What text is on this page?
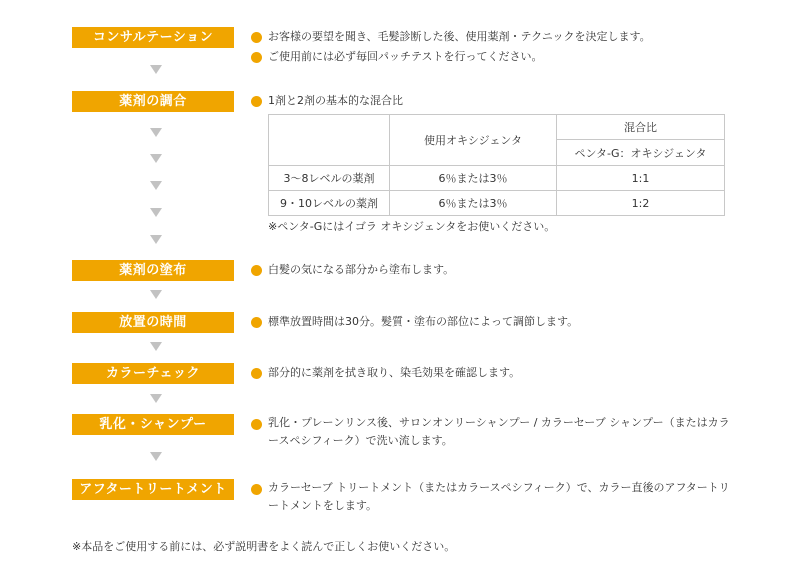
コンサルテーション	お客様の要望を聞き、毛髪診断した後、使用薬剤・テクニックを決定します。
ご使用前には必ず毎回パッチテストを行ってください。
薬剤の調合	1剤と2剤の基本的な混合比
	使用オキシジェンタ	混合比
		ペンタ-G：オキシジェンタ
3～8レベルの薬剤	6％または3％	1:1
9・10レベルの薬剤	6％または3％	1:2
※ペンタ-Gにはイゴラ オキシジェンタをお使いください。
薬剤の塗布	白髪の気になる部分から塗布します。
放置の時間	標準放置時間は30分。髪質・塗布の部位によって調節します。
カラーチェック	部分的に薬剤を拭き取り、染毛効果を確認します。
乳化・シャンプー	乳化・プレーンリンス後、サロンオンリーシャンプー / カラーセーブ シャンプー（またはカラースペシフィーク）で洗い流します。
アフタートリートメント	カラーセーブ トリートメント（またはカラースペシフィーク）で、カラー直後のアフタートリートメントをします。
※本品をご使用する前には、必ず説明書をよく読んで正しくお使いください。
